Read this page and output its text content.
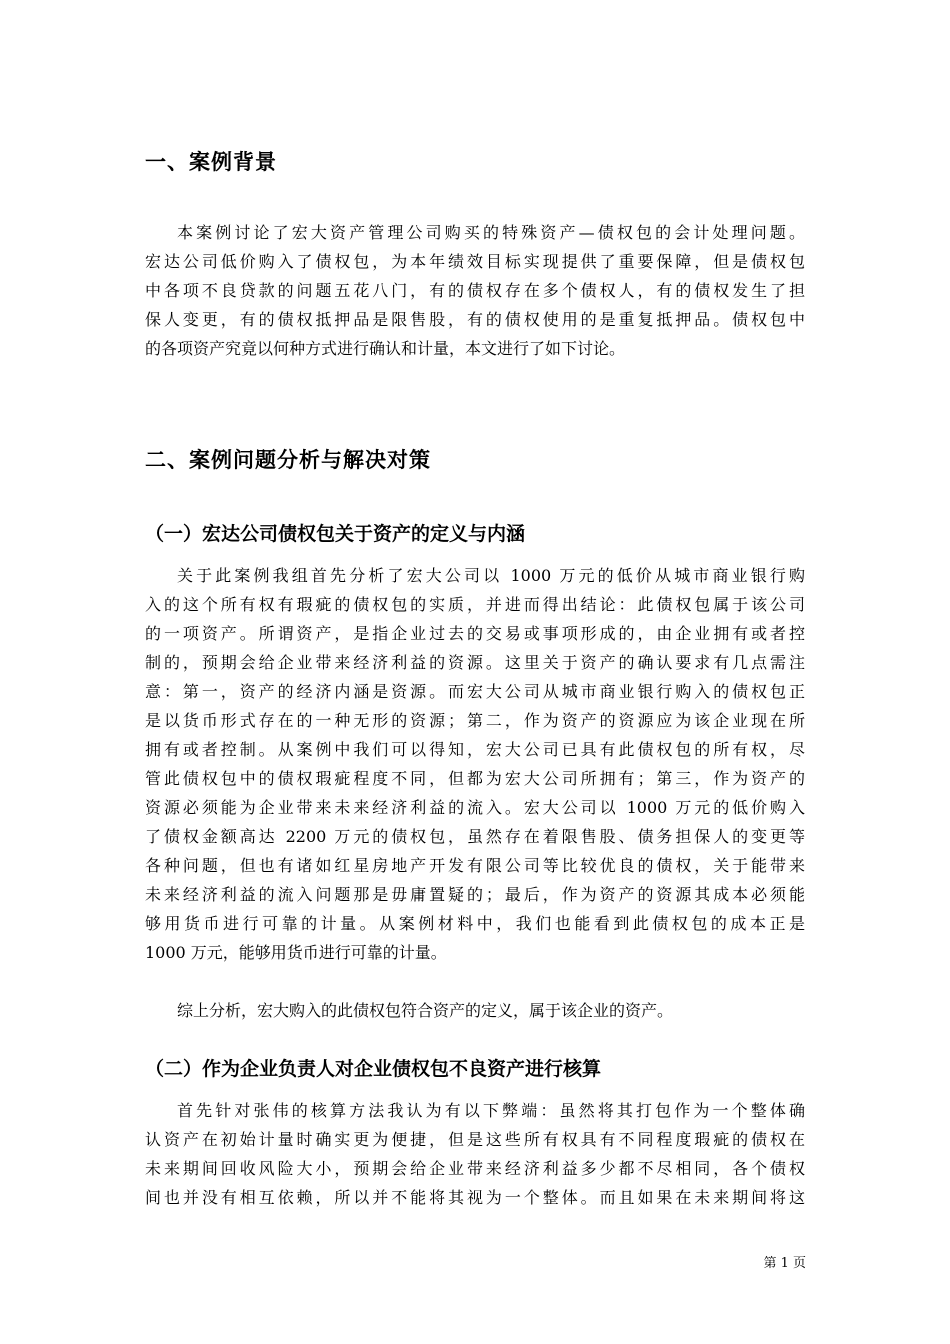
一、案例背景
本案例讨论了宏大资产管理公司购买的特殊资产—债权包的会计处理问题。
宏达公司低价购入了债权包，为本年绩效目标实现提供了重要保障，但是债权包
中各项不良贷款的问题五花八门，有的债权存在多个债权人，有的债权发生了担
保人变更，有的债权抵押品是限售股，有的债权使用的是重复抵押品。债权包中
的各项资产究竟以何种方式进行确认和计量，本文进行了如下讨论。
二、案例问题分析与解决对策
（一）宏达公司债权包关于资产的定义与内涵
关于此案例我组首先分析了宏大公司以 1000 万元的低价从城市商业银行购
入的这个所有权有瑕疵的债权包的实质，并进而得出结论：此债权包属于该公司
的一项资产。所谓资产，是指企业过去的交易或事项形成的，由企业拥有或者控
制的，预期会给企业带来经济利益的资源。这里关于资产的确认要求有几点需注
意：第一，资产的经济内涵是资源。而宏大公司从城市商业银行购入的债权包正
是以货币形式存在的一种无形的资源；第二，作为资产的资源应为该企业现在所
拥有或者控制。从案例中我们可以得知，宏大公司已具有此债权包的所有权，尽
管此债权包中的债权瑕疵程度不同，但都为宏大公司所拥有；第三，作为资产的
资源必须能为企业带来未来经济利益的流入。宏大公司以 1000 万元的低价购入
了债权金额高达 2200 万元的债权包，虽然存在着限售股、债务担保人的变更等
各种问题，但也有诸如红星房地产开发有限公司等比较优良的债权，关于能带来
未来经济利益的流入问题那是毋庸置疑的；最后，作为资产的资源其成本必须能
够用货币进行可靠的计量。从案例材料中，我们也能看到此债权包的成本正是
1000 万元，能够用货币进行可靠的计量。
综上分析，宏大购入的此债权包符合资产的定义，属于该企业的资产。
（二）作为企业负责人对企业债权包不良资产进行核算
首先针对张伟的核算方法我认为有以下弊端：虽然将其打包作为一个整体确
认资产在初始计量时确实更为便捷，但是这些所有权具有不同程度瑕疵的债权在
未来期间回收风险大小，预期会给企业带来经济利益多少都不尽相同，各个债权
间也并没有相互依赖，所以并不能将其视为一个整体。而且如果在未来期间将这
第 1 页
